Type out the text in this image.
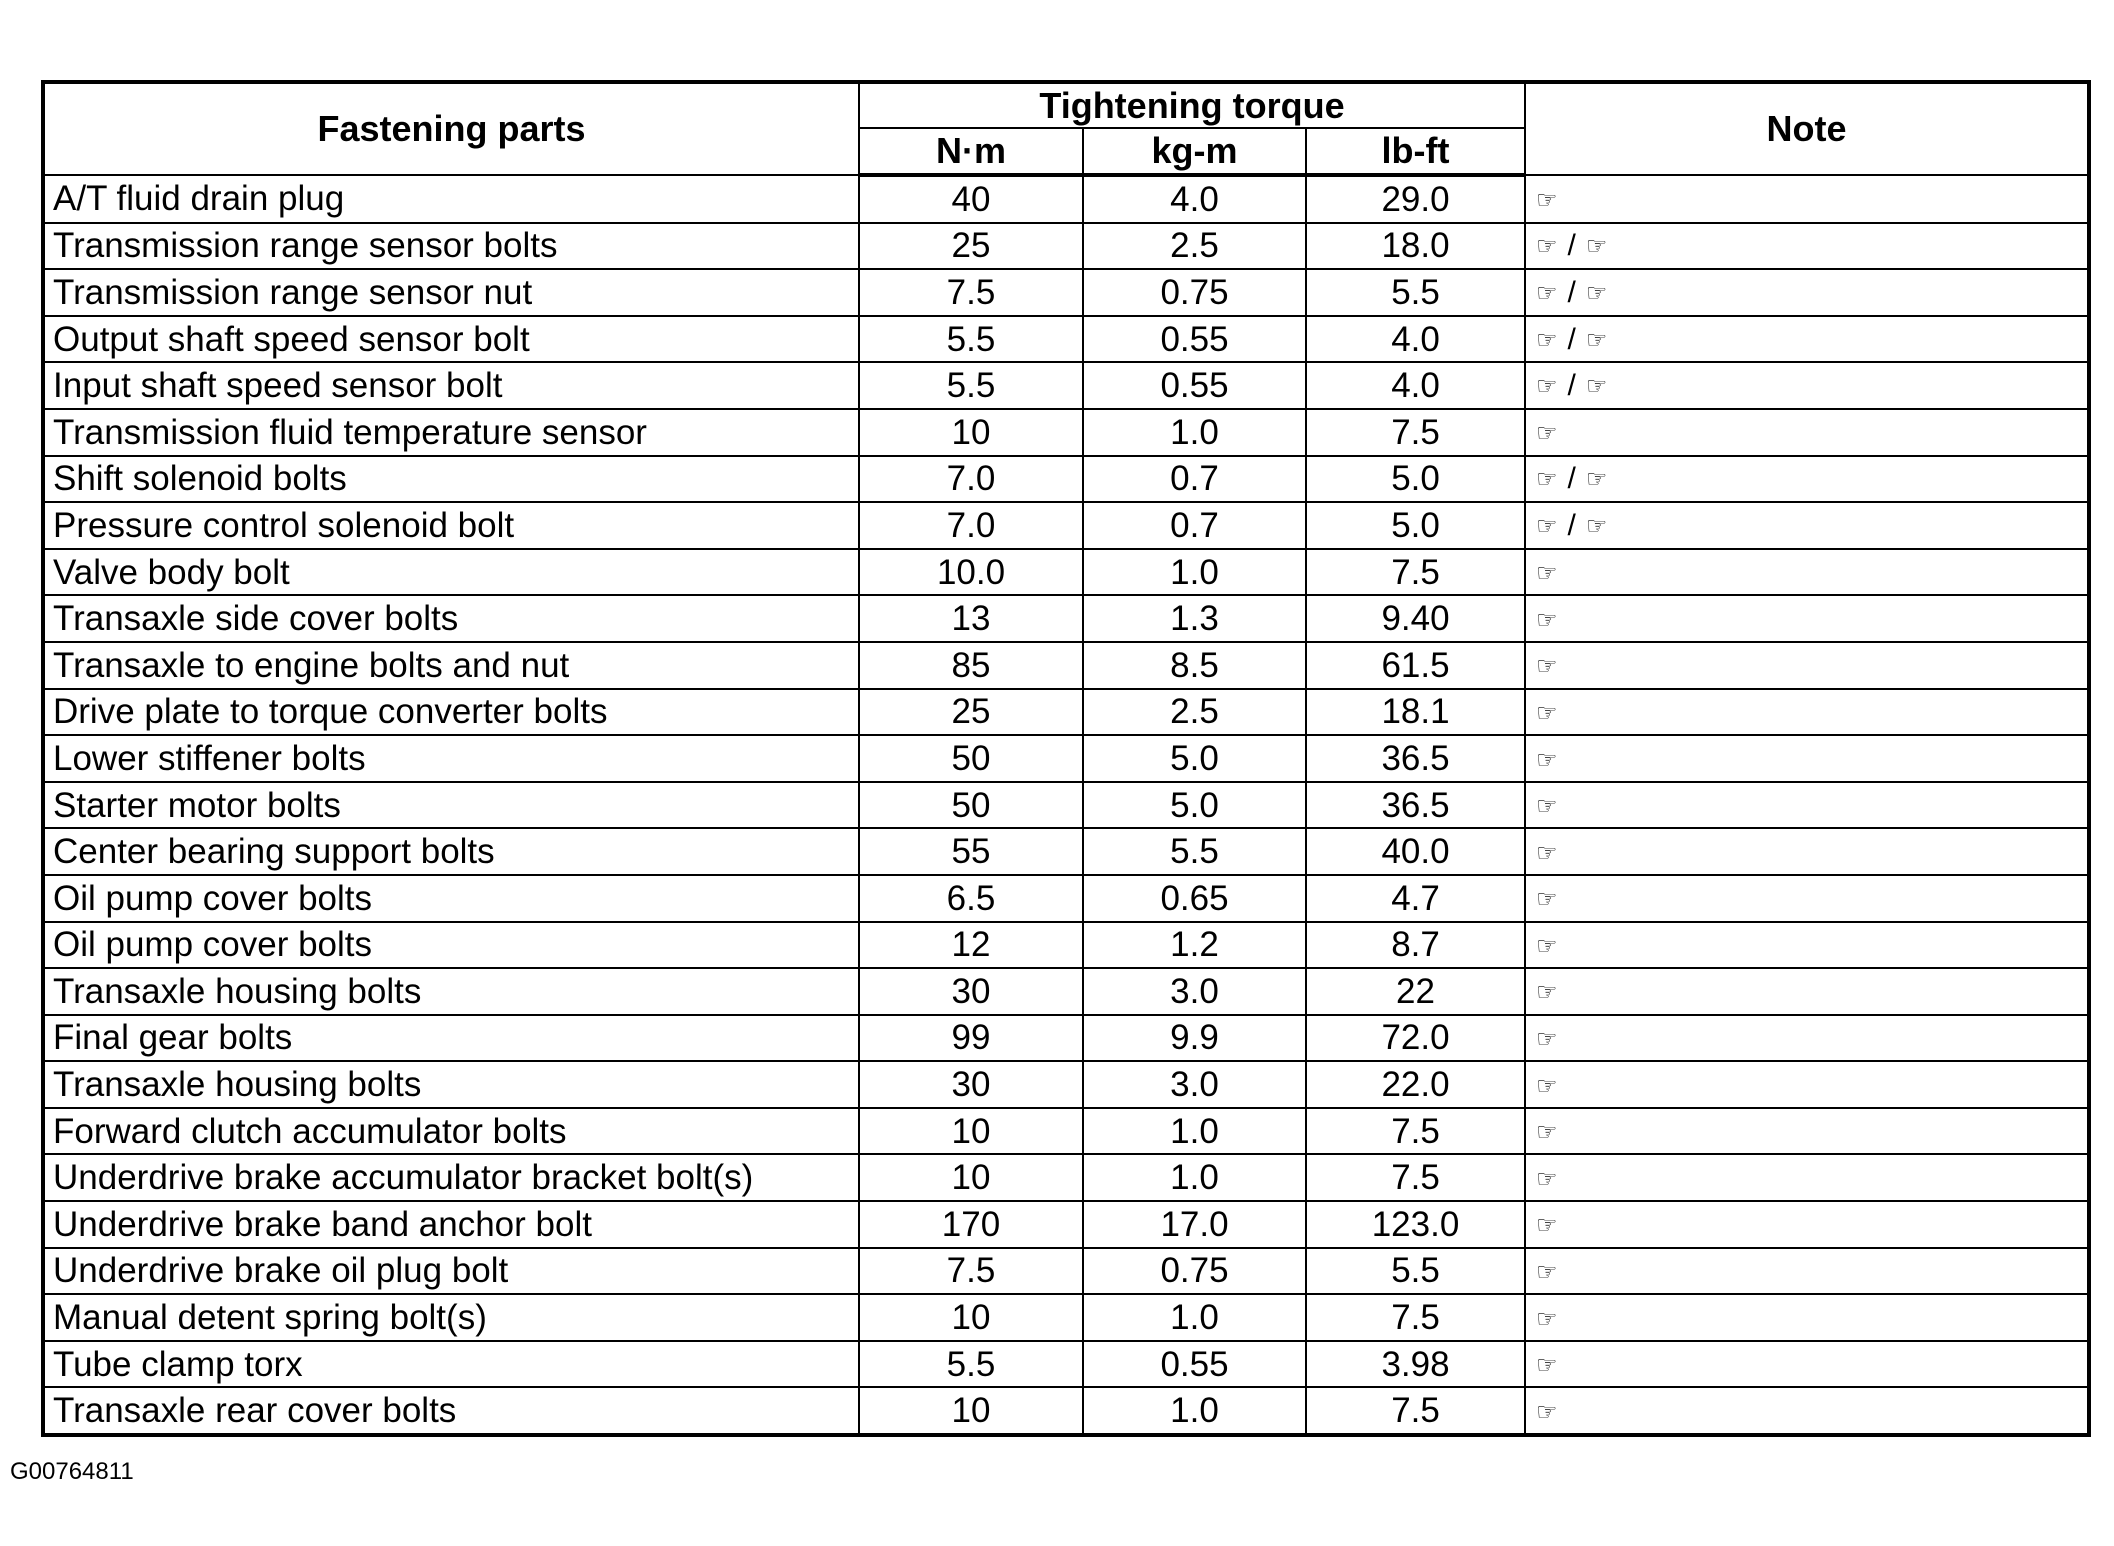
Fastening parts	Tightening torque			Note
	N·m	kg-m	lb-ft	
A/T fluid drain plug	40	4.0	29.0	☞
Transmission range sensor bolts	25	2.5	18.0	☞ / ☞
Transmission range sensor nut	7.5	0.75	5.5	☞ / ☞
Output shaft speed sensor bolt	5.5	0.55	4.0	☞ / ☞
Input shaft speed sensor bolt	5.5	0.55	4.0	☞ / ☞
Transmission fluid temperature sensor	10	1.0	7.5	☞
Shift solenoid bolts	7.0	0.7	5.0	☞ / ☞
Pressure control solenoid bolt	7.0	0.7	5.0	☞ / ☞
Valve body bolt	10.0	1.0	7.5	☞
Transaxle side cover bolts	13	1.3	9.40	☞
Transaxle to engine bolts and nut	85	8.5	61.5	☞
Drive plate to torque converter bolts	25	2.5	18.1	☞
Lower stiffener bolts	50	5.0	36.5	☞
Starter motor bolts	50	5.0	36.5	☞
Center bearing support bolts	55	5.5	40.0	☞
Oil pump cover bolts	6.5	0.65	4.7	☞
Oil pump cover bolts	12	1.2	8.7	☞
Transaxle housing bolts	30	3.0	22	☞
Final gear bolts	99	9.9	72.0	☞
Transaxle housing bolts	30	3.0	22.0	☞
Forward clutch accumulator bolts	10	1.0	7.5	☞
Underdrive brake accumulator bracket bolt(s)	10	1.0	7.5	☞
Underdrive brake band anchor bolt	170	17.0	123.0	☞
Underdrive brake oil plug bolt	7.5	0.75	5.5	☞
Manual detent spring bolt(s)	10	1.0	7.5	☞
Tube clamp torx	5.5	0.55	3.98	☞
Transaxle rear cover bolts	10	1.0	7.5	☞
G00764811
